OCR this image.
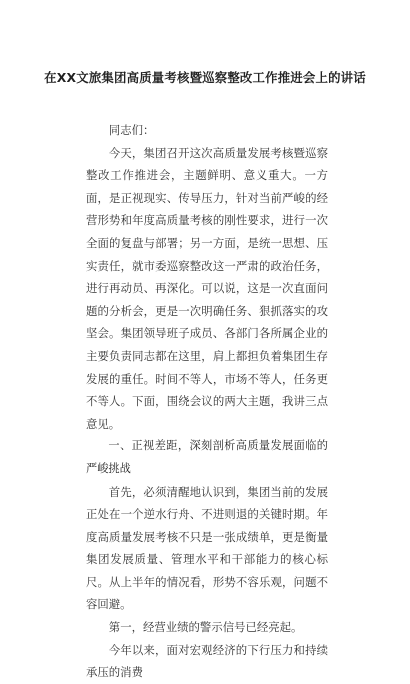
在XX文旅集团高质量考核暨巡察整改工作推进会上的讲话

同志们：

今天，集团召开这次高质量发展考核暨巡察整改工作推进会，主题鲜明、意义重大。一方面，是正视现实、传导压力，针对当前严峻的经营形势和年度高质量考核的刚性要求，进行一次全面的复盘与部署；另一方面，是统一思想、压实责任，就市委巡察整改这一严肃的政治任务，进行再动员、再深化。可以说，这是一次直面问题的分析会，更是一次明确任务、狠抓落实的攻坚会。集团领导班子成员、各部门各所属企业的主要负责同志都在这里，肩上都担负着集团生存发展的重任。时间不等人，市场不等人，任务更不等人。下面，围绕会议的两大主题，我讲三点意见。

一、正视差距，深刻剖析高质量发展面临的严峻挑战

首先，必须清醒地认识到，集团当前的发展正处在一个逆水行舟、不进则退的关键时期。年度高质量发展考核不只是一张成绩单，更是衡量集团发展质量、管理水平和干部能力的核心标尺。从上半年的情况看，形势不容乐观，问题不容回避。

第一，经营业绩的警示信号已经亮起。

今年以来，面对宏观经济的下行压力和持续承压的消费
